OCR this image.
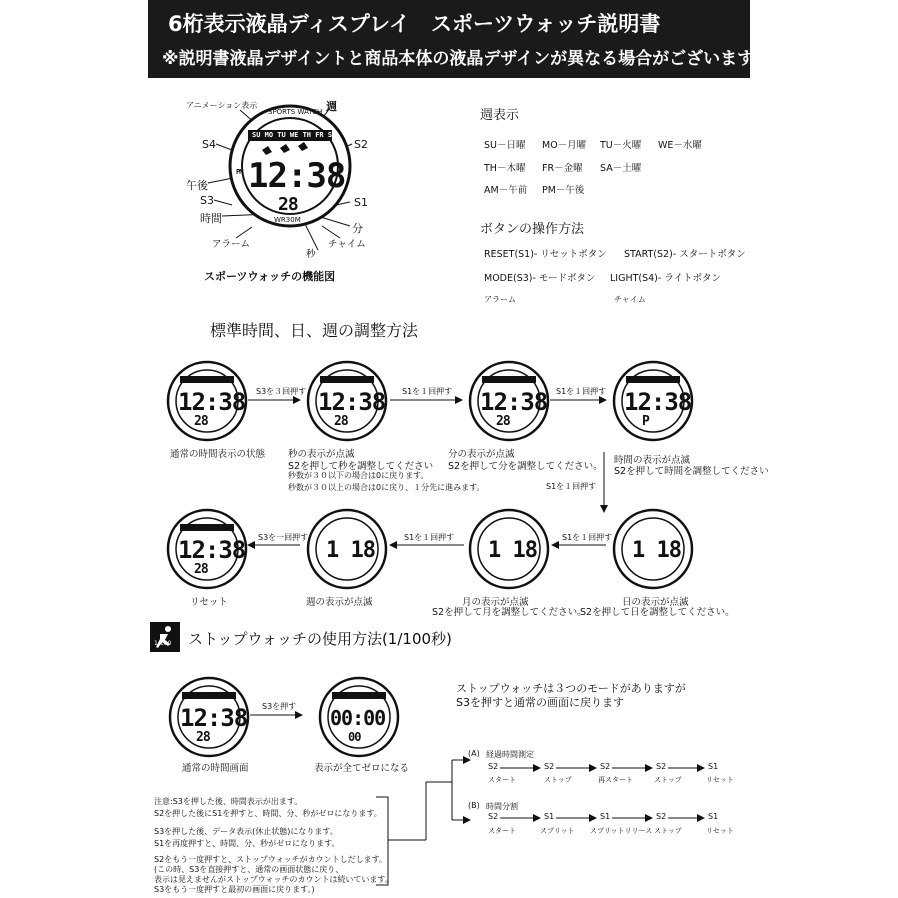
6桁表示液晶ディスプレイ　スポーツウォッチ説明書
※説明書液晶デザイントと商品本体の液晶デザインが異なる場合がございます
SU MO TU WE TH FR SA
PM 12:38
28
SPORTS WATCH
WR30M
アニメーション表示	週
S4	S2
午後
S3	S1
時間
分
アラーム	チャイム
秒
スポーツウォッチの機能図
週表示
SU－日曜 MO－月曜 TU－火曜 WE－水曜
TH－木曜 FR－金曜 SA－土曜
AM－午前 PM－午後
ボタンの操作方法
RESET(S1)- リセットボタン START(S2)- スタートボタン
MODE(S3)- モードボタン LIGHT(S4)- ライトボタン
アラーム	チャイム
標準時間、日、週の調整方法
12:38
28
12:38
28
12:38
28
12:38
P
S3を３回押す	S1を１回押す	S1を１回押す
S1を１回押す
通常の時間表示の状態 秒の表示が点滅
S2を押して秒を調整してください
秒数が３０以下の場合は0に戻ります。
秒数が３０以上の場合は0に戻り、１分先に進みます。
分の表示が点滅
S2を押して分を調整してください。
時間の表示が点滅
S2を押して時間を調整してください
12:38
28
1 18	1 18	1 18
S1を１回押す
S1を１回押す
S3を一回押す
リセット	週の表示が点滅	月の表示が点滅
S2を押して月を調整してください。
日の表示が点滅
S2を押して日を調整してください。
1/100 ストップウォッチの使用方法(1/100秒)
12:38
28
00:00
00
S3を押す
通常の時間画面	表示が全てゼロになる
ストップウォッチは３つのモードがありますが
S3を押すと通常の画面に戻ります
(A) 経過時間測定
S2	S2	S2	S2	S1
スタート	ストップ	再スタート	ストップ	リセット
(B) 時間分割
S2	S1	S1	S2	S1
スタート	スプリット スプリットリリース ストップ	リセット
注意:S3を押した後、時間表示が出ます。
S2を押した後にS1を押すと、時間、分、秒がゼロになります。
S3を押した後、データ表示(休止状態)になります。
S1を再度押すと、時間、分、秒がゼロになります。
S2をもう一度押すと、ストップウォッチがカウントしだします。
(この時、S3を直接押すと、通常の画面状態に戻り、
表示は見えませんがストップウォッチのカウントは続いています。
S3をもう一度押すと最初の画面に戻ります。)
